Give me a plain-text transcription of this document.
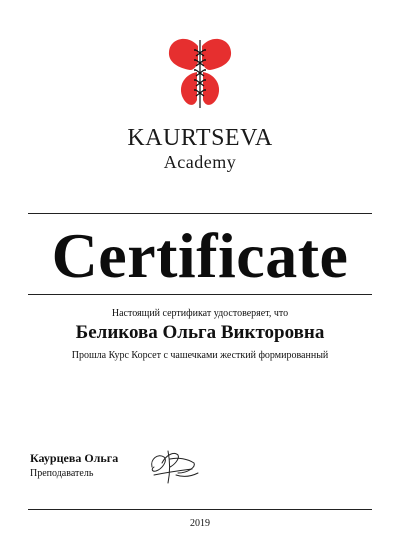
KAURTSEVA
Academy
Certificate
Настоящий сертификат удостоверяет, что
Беликова Ольга Викторовна
Прошла Курс Корсет с чашечками жесткий формированный
Каурцева Ольга
Преподаватель
2019
